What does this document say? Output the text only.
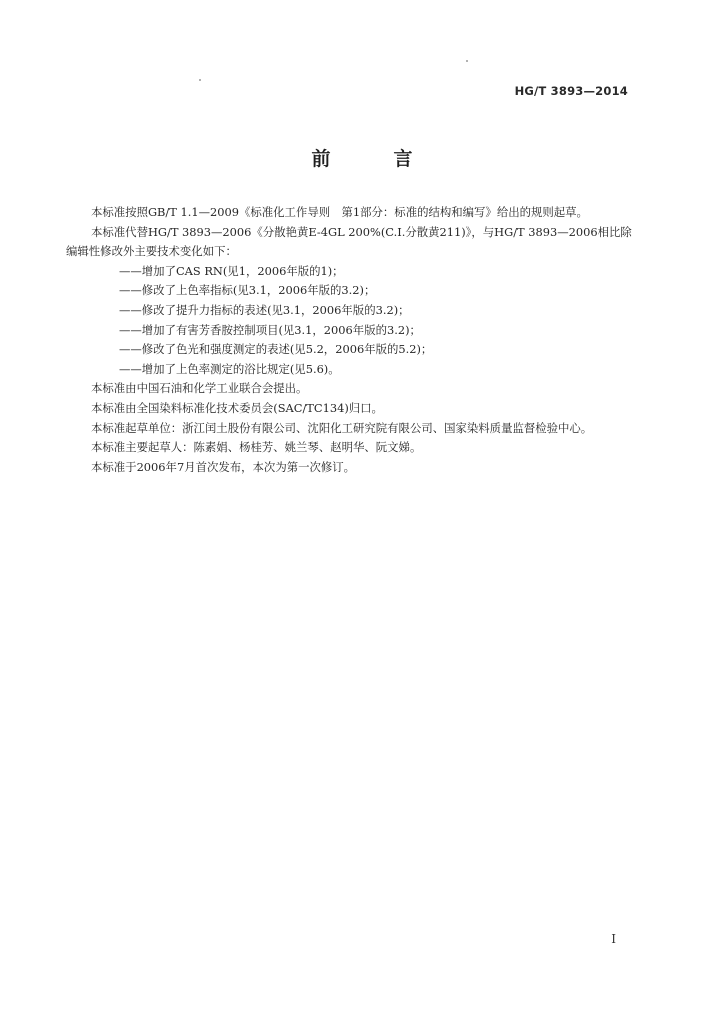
HG/T 3893—2014
前　言

本标准按照GB/T 1.1—2009《标准化工作导则　第1部分：标准的结构和编写》给出的规则起草。

本标准代替HG/T 3893—2006《分散艳黄E-4GL 200%(C.I.分散黄211)》，与HG/T 3893—2006相比除编辑性修改外主要技术变化如下：

——增加了CAS RN(见1，2006年版的1)；

——修改了上色率指标(见3.1，2006年版的3.2)；

——修改了提升力指标的表述(见3.1，2006年版的3.2)；

——增加了有害芳香胺控制项目(见3.1，2006年版的3.2)；

——修改了色光和强度测定的表述(见5.2，2006年版的5.2)；

——增加了上色率测定的浴比规定(见5.6)。

本标准由中国石油和化学工业联合会提出。

本标准由全国染料标准化技术委员会(SAC/TC134)归口。

本标准起草单位：浙江闰土股份有限公司、沈阳化工研究院有限公司、国家染料质量监督检验中心。

本标准主要起草人：陈素娟、杨桂芳、姚兰琴、赵明华、阮文娣。

本标准于2006年7月首次发布，本次为第一次修订。

I
